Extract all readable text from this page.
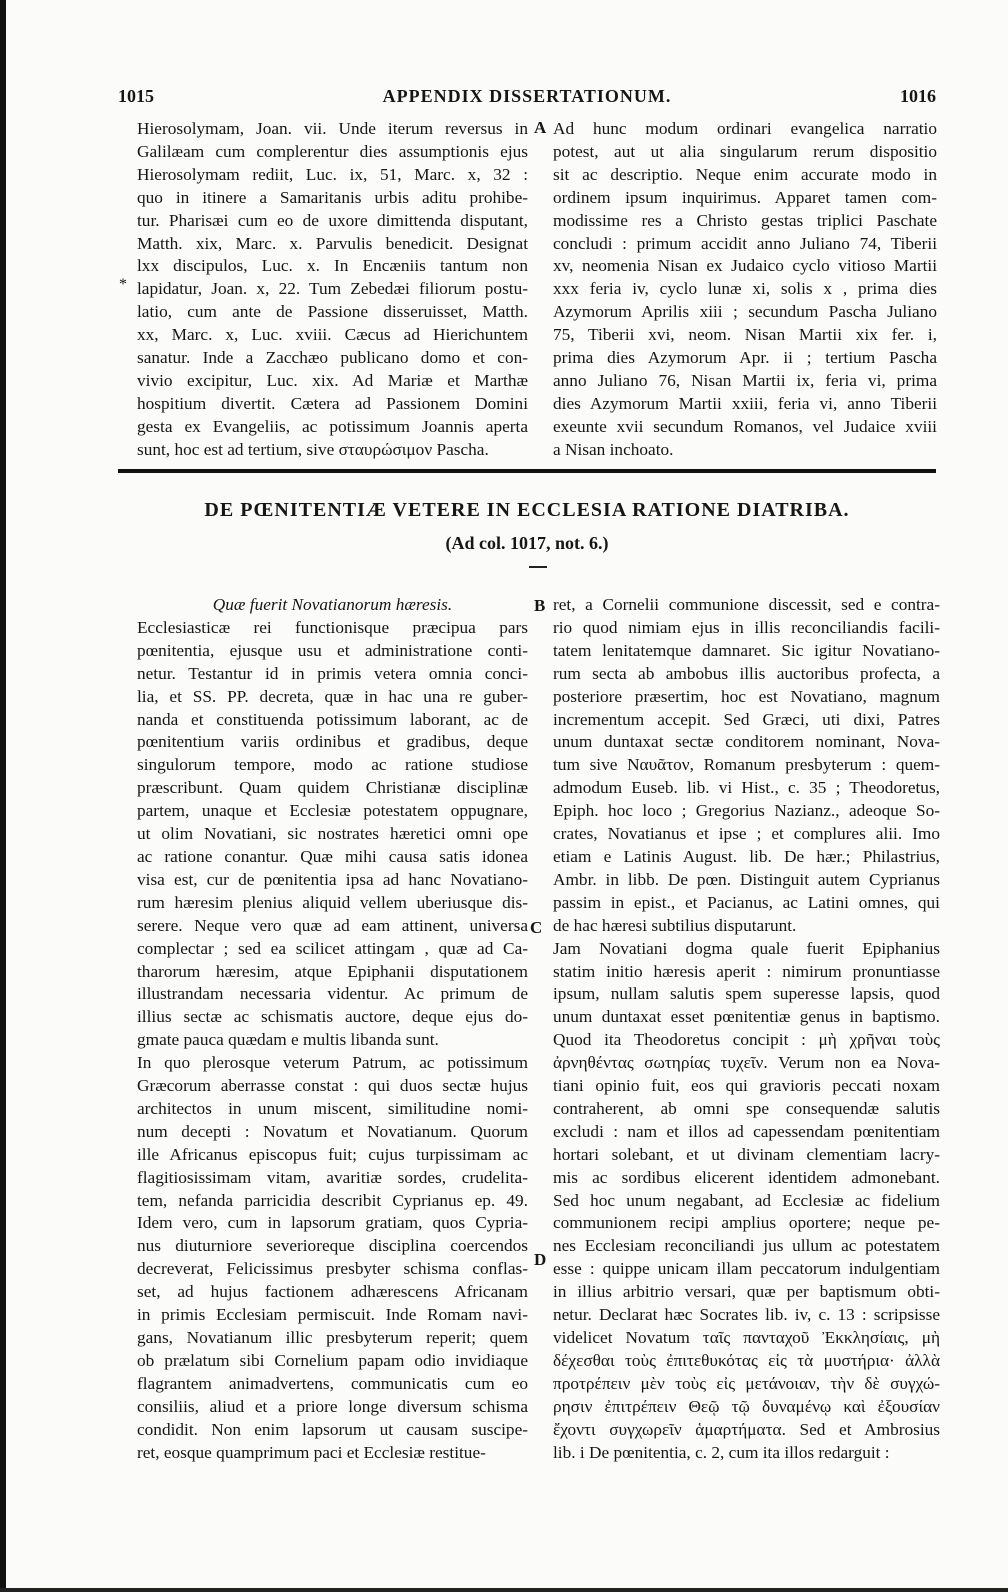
1015	APPENDIX DISSERTATIONUM.	1016
A
B
C
D
*
Hierosolymam, Joan. vii. Unde iterum reversus in
Galilæam cum complerentur dies assumptionis ejus
Hierosolymam rediit, Luc. ix, 51, Marc. x, 32 :
quo in itinere a Samaritanis urbis aditu prohibe-
tur. Pharisæi cum eo de uxore dimittenda disputant,
Matth. xix, Marc. x. Parvulis benedicit. Designat
lxx discipulos, Luc. x. In Encæniis tantum non
lapidatur, Joan. x, 22. Tum Zebedæi filiorum postu-
latio, cum ante de Passione disseruisset, Matth.
xx, Marc. x, Luc. xviii. Cæcus ad Hierichuntem
sanatur. Inde a Zacchæo publicano domo et con-
vivio excipitur, Luc. xix. Ad Mariæ et Marthæ
hospitium divertit. Cætera ad Passionem Domini
gesta ex Evangeliis, ac potissimum Joannis aperta
sunt, hoc est ad tertium, sive σταυρώσιμον Pascha.
Ad hunc modum ordinari evangelica narratio
potest, aut ut alia singularum rerum dispositio
sit ac descriptio. Neque enim accurate modo in
ordinem ipsum inquirimus. Apparet tamen com-
modissime res a Christo gestas triplici Paschate
concludi : primum accidit anno Juliano 74, Tiberii
xv, neomenia Nisan ex Judaico cyclo vitioso Martii
xxx feria iv, cyclo lunæ xi, solis x , prima dies
Azymorum Aprilis xiii ; secundum Pascha Juliano
75, Tiberii xvi, neom. Nisan Martii xix fer. i,
prima dies Azymorum Apr. ii ; tertium Pascha
anno Juliano 76, Nisan Martii ix, feria vi, prima
dies Azymorum Martii xxiii, feria vi, anno Tiberii
exeunte xvii secundum Romanos, vel Judaice xviii
a Nisan inchoato.
DE PŒNITENTIÆ VETERE IN ECCLESIA RATIONE DIATRIBA.
(Ad col. 1017, not. 6.)
Quæ fuerit Novatianorum hæresis.
Ecclesiasticæ rei functionisque præcipua pars
pœnitentia, ejusque usu et administratione conti-
netur. Testantur id in primis vetera omnia conci-
lia, et SS. PP. decreta, quæ in hac una re guber-
nanda et constituenda potissimum laborant, ac de
pœnitentium variis ordinibus et gradibus, deque
singulorum tempore, modo ac ratione studiose
præscribunt. Quam quidem Christianæ disciplinæ
partem, unaque et Ecclesiæ potestatem oppugnare,
ut olim Novatiani, sic nostrates hæretici omni ope
ac ratione conantur. Quæ mihi causa satis idonea
visa est, cur de pœnitentia ipsa ad hanc Novatiano-
rum hæresim plenius aliquid vellem uberiusque dis-
serere. Neque vero quæ ad eam attinent, universa
complectar ; sed ea scilicet attingam , quæ ad Ca-
tharorum hæresim, atque Epiphanii disputationem
illustrandam necessaria videntur. Ac primum de
illius sectæ ac schismatis auctore, deque ejus do-
gmate pauca quædam e multis libanda sunt.
In quo plerosque veterum Patrum, ac potissimum
Græcorum aberrasse constat : qui duos sectæ hujus
architectos in unum miscent, similitudine nomi-
num decepti : Novatum et Novatianum. Quorum
ille Africanus episcopus fuit; cujus turpissimam ac
flagitiosissimam vitam, avaritiæ sordes, crudelita-
tem, nefanda parricidia describit Cyprianus ep. 49.
Idem vero, cum in lapsorum gratiam, quos Cypria-
nus diuturniore severioreque disciplina coercendos
decreverat, Felicissimus presbyter schisma conflas-
set, ad hujus factionem adhærescens Africanam
in primis Ecclesiam permiscuit. Inde Romam navi-
gans, Novatianum illic presbyterum reperit; quem
ob prælatum sibi Cornelium papam odio invidiaque
flagrantem animadvertens, communicatis cum eo
consiliis, aliud et a priore longe diversum schisma
condidit. Non enim lapsorum ut causam suscipe-
ret, eosque quamprimum paci et Ecclesiæ restitue-
ret, a Cornelii communione discessit, sed e contra-
rio quod nimiam ejus in illis reconciliandis facili-
tatem lenitatemque damnaret. Sic igitur Novatiano-
rum secta ab ambobus illis auctoribus profecta, a
posteriore præsertim, hoc est Novatiano, magnum
incrementum accepit. Sed Græci, uti dixi, Patres
unum duntaxat sectæ conditorem nominant, Nova-
tum sive Ναυᾶτον, Romanum presbyterum : quem-
admodum Euseb. lib. vi Hist., c. 35 ; Theodoretus,
Epiph. hoc loco ; Gregorius Nazianz., adeoque So-
crates, Novatianus et ipse ; et complures alii. Imo
etiam e Latinis August. lib. De hær.; Philastrius,
Ambr. in libb. De pœn. Distinguit autem Cyprianus
passim in epist., et Pacianus, ac Latini omnes, qui
de hac hæresi subtilius disputarunt.
Jam Novatiani dogma quale fuerit Epiphanius
statim initio hæresis aperit : nimirum pronuntiasse
ipsum, nullam salutis spem superesse lapsis, quod
unum duntaxat esset pœnitentiæ genus in baptismo.
Quod ita Theodoretus concipit : μὴ χρῆναι τοὺς
ἀρνηθέντας σωτηρίας τυχεῖν. Verum non ea Nova-
tiani opinio fuit, eos qui gravioris peccati noxam
contraherent, ab omni spe consequendæ salutis
excludi : nam et illos ad capessendam pœnitentiam
hortari solebant, et ut divinam clementiam lacry-
mis ac sordibus elicerent identidem admonebant.
Sed hoc unum negabant, ad Ecclesiæ ac fidelium
communionem recipi amplius oportere; neque pe-
nes Ecclesiam reconciliandi jus ullum ac potestatem
esse : quippe unicam illam peccatorum indulgentiam
in illius arbitrio versari, quæ per baptismum obti-
netur. Declarat hæc Socrates lib. iv, c. 13 : scripsisse
videlicet Novatum ταῖς πανταχοῦ Ἐκκλησίαις, μὴ
δέχεσθαι τοὺς ἐπιτεθυκότας εἰς τὰ μυστήρια· ἀλλὰ
προτρέπειν μὲν τοὺς εἰς μετάνοιαν, τὴν δὲ συγχώ-
ρησιν ἐπιτρέπειν Θεῷ τῷ δυναμένῳ καὶ ἐξουσίαν
ἔχοντι συγχωρεῖν ἁμαρτήματα. Sed et Ambrosius
lib. i De pœnitentia, c. 2, cum ita illos redarguit :
